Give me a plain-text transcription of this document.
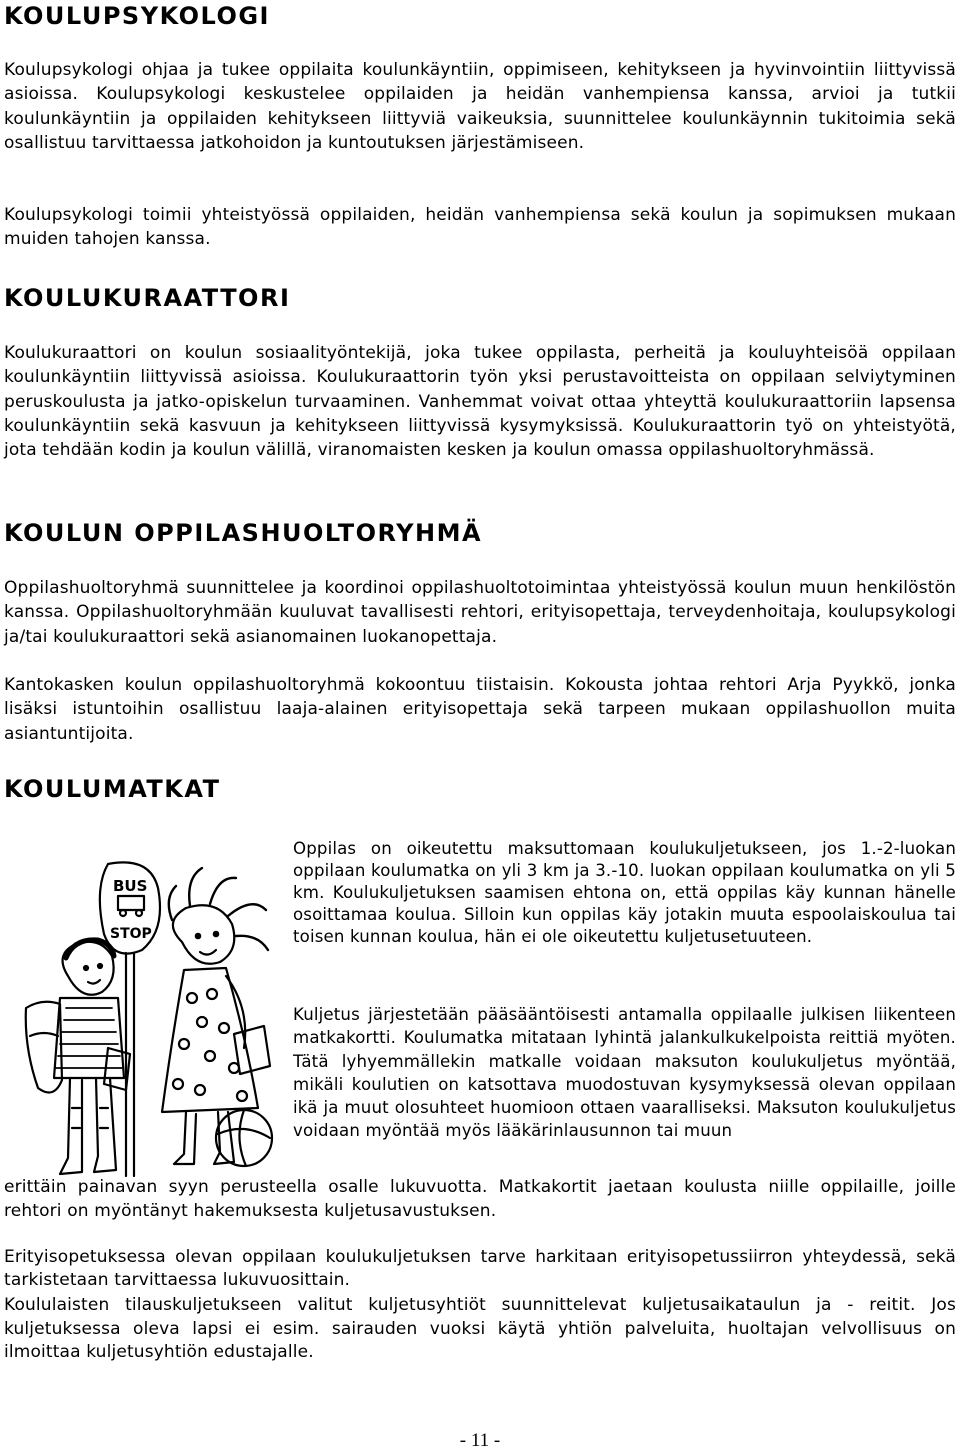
KOULUPSYKOLOGI

Koulupsykologi ohjaa ja tukee oppilaita koulunkäyntiin, oppimiseen, kehitykseen ja hyvinvointiin liittyvissä asioissa. Koulupsykologi keskustelee oppilaiden ja heidän vanhempiensa kanssa, arvioi ja tutkii koulunkäyntiin ja oppilaiden kehitykseen liittyviä vaikeuksia, suunnittelee koulunkäynnin tukitoimia sekä osallistuu tarvittaessa jatkohoidon ja kuntoutuksen järjestämiseen.

Koulupsykologi toimii yhteistyössä oppilaiden, heidän vanhempiensa sekä koulun ja sopimuksen mukaan muiden tahojen kanssa.

KOULUKURAATTORI

Koulukuraattori on koulun sosiaalityöntekijä, joka tukee oppilasta, perheitä ja kouluyhteisöä oppilaan koulunkäyntiin liittyvissä asioissa. Koulukuraattorin työn yksi perustavoitteista on oppilaan selviytyminen peruskoulusta ja jatko-opiskelun turvaaminen. Vanhemmat voivat ottaa yhteyttä koulukuraattoriin lapsensa koulunkäyntiin sekä kasvuun ja kehitykseen liittyvissä kysymyksissä. Koulukuraattorin työ on yhteistyötä, jota tehdään kodin ja koulun välillä, viranomaisten kesken ja koulun omassa oppilashuoltoryhmässä.

KOULUN OPPILASHUOLTORYHMÄ

Oppilashuoltoryhmä suunnittelee ja koordinoi oppilashuoltotoimintaa yhteistyössä koulun muun henkilöstön kanssa. Oppilashuoltoryhmään kuuluvat tavallisesti rehtori, erityisopettaja, terveydenhoitaja, koulupsykologi ja/tai koulukuraattori sekä asianomainen luokanopettaja.

Kantokasken koulun oppilashuoltoryhmä kokoontuu tiistaisin. Kokousta johtaa rehtori Arja Pyykkö, jonka lisäksi istuntoihin osallistuu laaja-alainen erityisopettaja sekä tarpeen mukaan oppilashuollon muita asiantuntijoita.

KOULUMATKAT
BUS
STOP

Oppilas on oikeutettu maksuttomaan koulukuljetukseen, jos 1.-2-luokan oppilaan koulumatka on yli 3 km ja 3.-10. luokan oppilaan koulumatka on yli 5 km. Koulukuljetuksen saamisen ehtona on, että oppilas käy kunnan hänelle osoittamaa koulua. Silloin kun oppilas käy jotakin muuta espoolaiskoulua tai toisen kunnan koulua, hän ei ole oikeutettu kuljetusetuuteen.

Kuljetus järjestetään pääsääntöisesti antamalla oppilaalle julkisen liikenteen matkakortti. Koulumatka mitataan lyhintä jalankulkukelpoista reittiä myöten. Tätä lyhyemmällekin matkalle voidaan maksuton koulukuljetus myöntää, mikäli koulutien on katsottava muodostuvan kysymyksessä olevan oppilaan ikä ja muut olosuhteet huomioon ottaen vaaralliseksi. Maksuton koulukuljetus voidaan myöntää myös lääkärinlausunnon tai muun

erittäin painavan syyn perusteella osalle lukuvuotta. Matkakortit jaetaan koulusta niille oppilaille, joille rehtori on myöntänyt hakemuksesta kuljetusavustuksen.

Erityisopetuksessa olevan oppilaan koulukuljetuksen tarve harkitaan erityisopetussiirron yhteydessä, sekä tarkistetaan tarvittaessa lukuvuosittain.

Koululaisten tilauskuljetukseen valitut kuljetusyhtiöt suunnittelevat kuljetusaikataulun ja - reitit. Jos kuljetuksessa oleva lapsi ei esim. sairauden vuoksi käytä yhtiön palveluita, huoltajan velvollisuus on ilmoittaa kuljetusyhtiön edustajalle.

- 11 -
